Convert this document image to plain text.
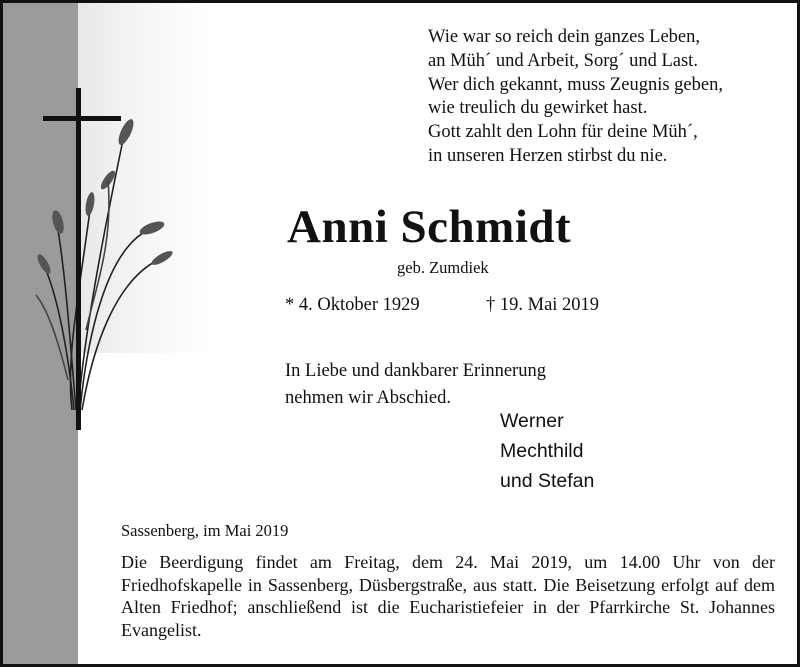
Wie war so reich dein ganzes Leben,
an Müh´ und Arbeit, Sorg´ und Last.
Wer dich gekannt, muss Zeugnis geben,
wie treulich du gewirket hast.
Gott zahlt den Lohn für deine Müh´,
in unseren Herzen stirbst du nie.
Anni Schmidt
geb. Zumdiek
* 4. Oktober 1929	† 19. Mai 2019
In Liebe und dankbarer Erinnerung
nehmen wir Abschied.
Werner
Mechthild
und Stefan
Sassenberg, im Mai 2019
Die Beerdigung findet am Freitag, dem 24. Mai 2019, um 14.00 Uhr von der Friedhofskapelle in Sassenberg, Düsbergstraße, aus statt. Die Beisetzung erfolgt auf dem Alten Friedhof; anschließend ist die Eucharistiefeier in der Pfarrkirche St. Johannes Evangelist.
